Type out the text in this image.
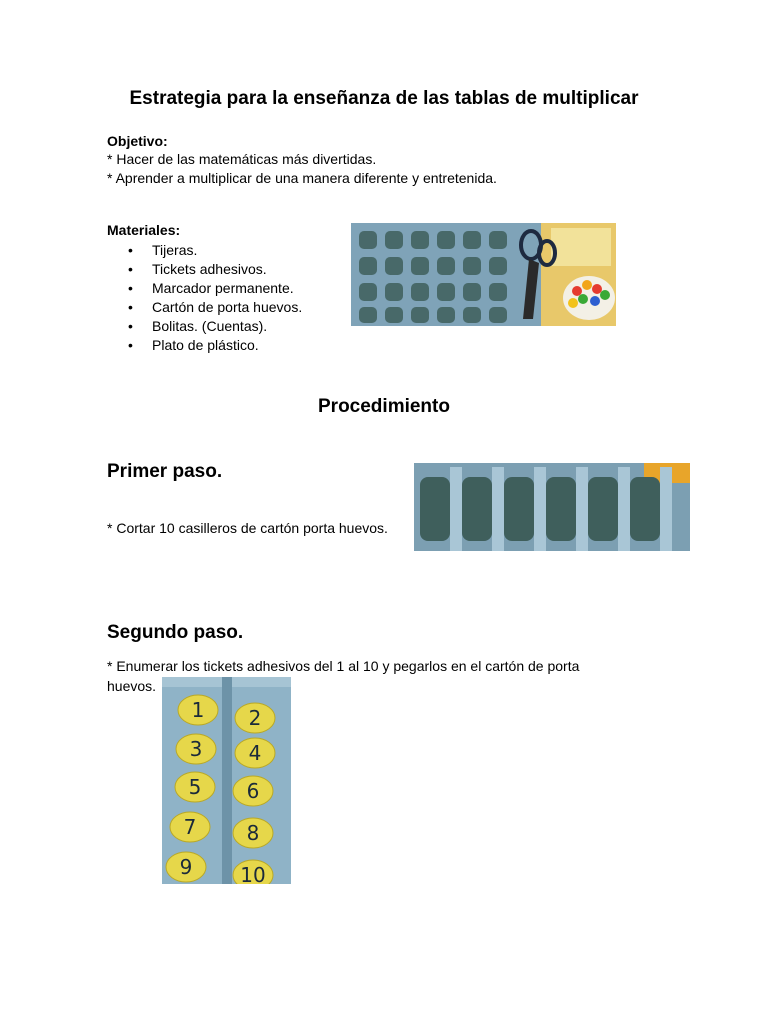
Estrategia para la enseñanza de las tablas de multiplicar
Objetivo:
* Hacer de las matemáticas más divertidas.
* Aprender a multiplicar de una manera diferente y entretenida.
Materiales:
• Tijeras.
• Tickets adhesivos.
• Marcador permanente.
• Cartón de porta huevos.
• Bolitas. (Cuentas).
• Plato de plástico.
Procedimiento
Primer paso.
* Cortar 10 casilleros de cartón porta huevos.
Segundo paso.
* Enumerar los tickets adhesivos del 1 al 10 y pegarlos en el cartón de porta
huevos.
1 2
3 4
5 6
7	8
9 10
